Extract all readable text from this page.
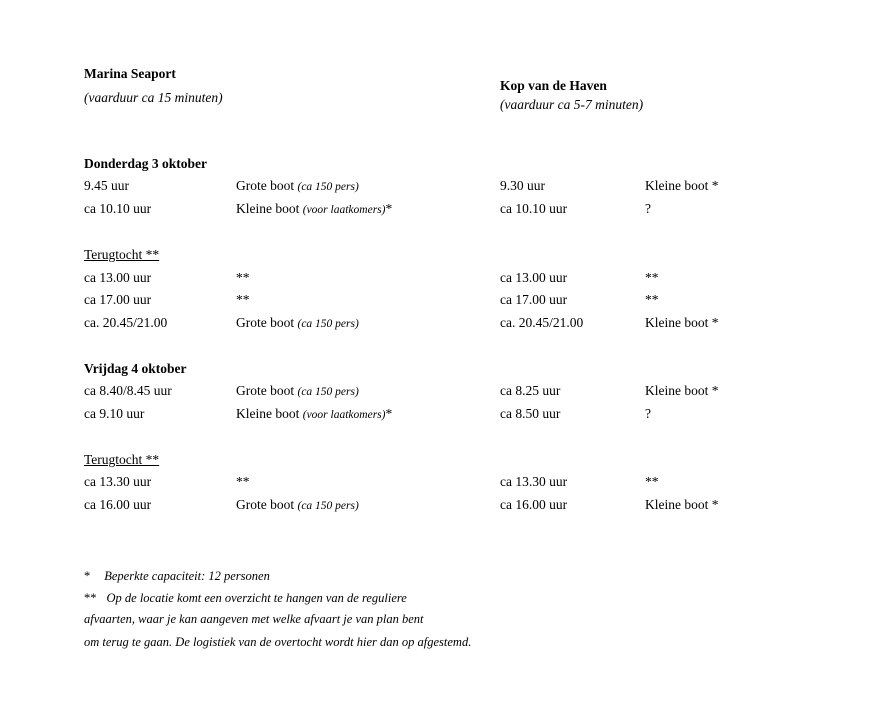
Marina Seaport
(vaarduur ca 15 minuten)
Kop van de Haven
(vaarduur ca 5-7 minuten)
Donderdag 3 oktober
9.45 uur	Grote boot (ca 150 pers)	9.30 uur	Kleine boot *
ca 10.10 uur	Kleine boot (voor laatkomers)*	ca 10.10 uur	?
Terugtocht **
ca 13.00 uur	**	ca 13.00 uur	**
ca 17.00 uur	**	ca 17.00 uur	**
ca. 20.45/21.00	Grote boot (ca 150 pers)	ca. 20.45/21.00	Kleine boot *
Vrijdag 4 oktober
ca 8.40/8.45 uur	Grote boot (ca 150 pers)	ca 8.25 uur	Kleine boot *
ca 9.10 uur	Kleine boot (voor laatkomers)*	ca 8.50 uur	?
Terugtocht **
ca 13.30 uur	**	ca 13.30 uur	**
ca 16.00 uur	Grote boot (ca 150 pers)	ca 16.00 uur	Kleine boot *
* Beperkte capaciteit: 12 personen
** Op de locatie komt een overzicht te hangen van de reguliere
afvaarten, waar je kan aangeven met welke afvaart je van plan bent
om terug te gaan. De logistiek van de overtocht wordt hier dan op afgestemd.
